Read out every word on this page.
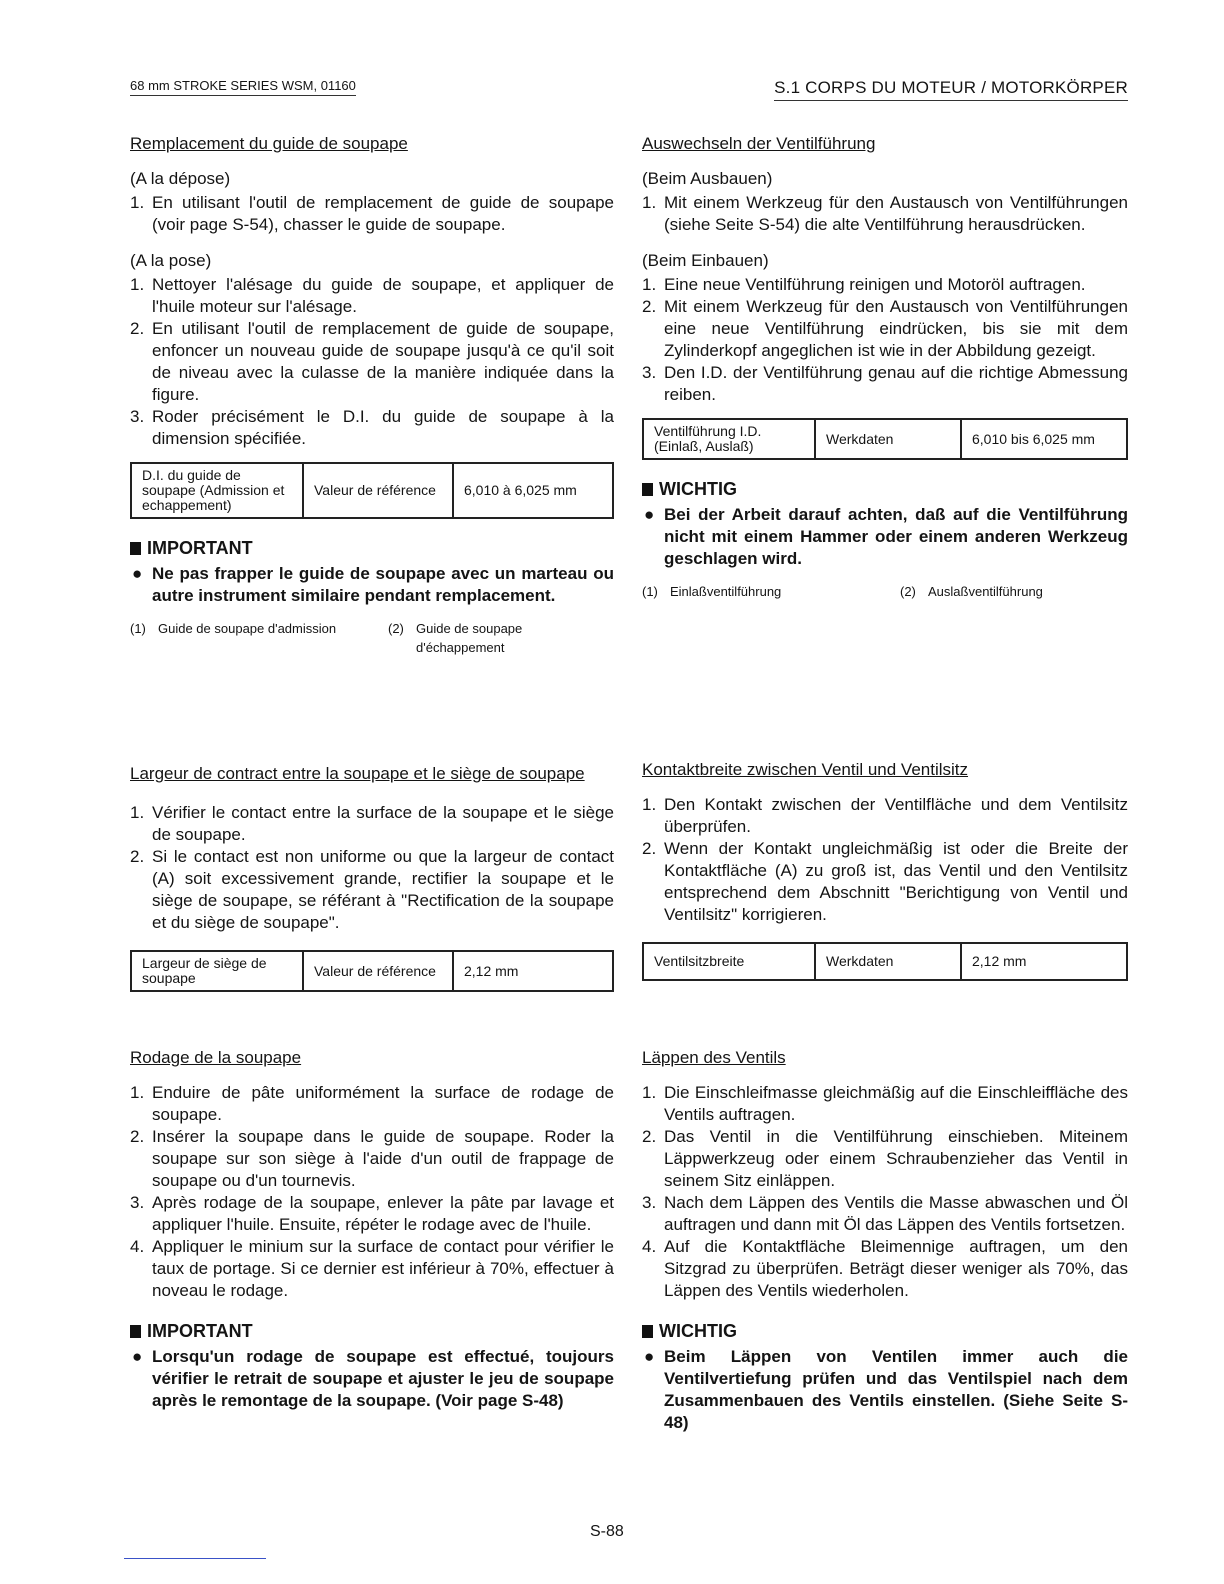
68 mm STROKE SERIES WSM, 01160	S.1 CORPS DU MOTEUR / MOTORKÖRPER
Remplacement du guide de soupape
(A la dépose)
1. En utilisant l'outil de remplacement de guide de soupape (voir page S-54), chasser le guide de soupape.
(A la pose)
1. Nettoyer l'alésage du guide de soupape, et appliquer de l'huile moteur sur l'alésage.
2. En utilisant l'outil de remplacement de guide de soupape, enfoncer un nouveau guide de soupape jusqu'à ce qu'il soit de niveau avec la culasse de la manière indiquée dans la figure.
3. Roder précisément le D.I. du guide de soupape à la dimension spécifiée.
D.I. du guide de soupape (Admission et echappement)	Valeur de référence	6,010 à 6,025 mm
IMPORTANT
● Ne pas frapper le guide de soupape avec un marteau ou autre instrument similaire pendant remplacement.
(1) Guide de soupape d'admission	(2) Guide de soupape d'échappement
Largeur de contract entre la soupape et le siège de soupape
1. Vérifier le contact entre la surface de la soupape et le siège de soupape.
2. Si le contact est non uniforme ou que la largeur de contact (A) soit excessivement grande, rectifier la soupape et le siège de soupape, se référant à "Rectification de la soupape et du siège de soupape".
Largeur de siège de soupape	Valeur de référence	2,12 mm
Rodage de la soupape
1. Enduire de pâte uniformément la surface de rodage de soupape.
2. Insérer la soupape dans le guide de soupape. Roder la soupape sur son siège à l'aide d'un outil de frappage de soupape ou d'un tournevis.
3. Après rodage de la soupape, enlever la pâte par lavage et appliquer l'huile. Ensuite, répéter le rodage avec de l'huile.
4. Appliquer le minium sur la surface de contact pour vérifier le taux de portage. Si ce dernier est inférieur à 70%, effectuer à noveau le rodage.
IMPORTANT
● Lorsqu'un rodage de soupape est effectué, toujours vérifier le retrait de soupape et ajuster le jeu de soupape après le remontage de la soupape. (Voir page S-48)
Auswechseln der Ventilführung
(Beim Ausbauen)
1. Mit einem Werkzeug für den Austausch von Ventilführungen (siehe Seite S-54) die alte Ventilführung herausdrücken.
(Beim Einbauen)
1. Eine neue Ventilführung reinigen und Motoröl auftragen.
2. Mit einem Werkzeug für den Austausch von Ventilführungen eine neue Ventilführung eindrücken, bis sie mit dem Zylinderkopf angeglichen ist wie in der Abbildung gezeigt.
3. Den I.D. der Ventilführung genau auf die richtige Abmessung reiben.
Ventilführung I.D. (Einlaß, Auslaß)	Werkdaten	6,010 bis 6,025 mm
WICHTIG
● Bei der Arbeit darauf achten, daß auf die Ventilführung nicht mit einem Hammer oder einem anderen Werkzeug geschlagen wird.
(1) Einlaßventilführung	(2) Auslaßventilführung
Kontaktbreite zwischen Ventil und Ventilsitz
1. Den Kontakt zwischen der Ventilfläche und dem Ventilsitz überprüfen.
2. Wenn der Kontakt ungleichmäßig ist oder die Breite der Kontaktfläche (A) zu groß ist, das Ventil und den Ventilsitz entsprechend dem Abschnitt "Berichtigung von Ventil und Ventilsitz" korrigieren.
Ventilsitzbreite	Werkdaten	2,12 mm
Läppen des Ventils
1. Die Einschleifmasse gleichmäßig auf die Einschleiffläche des Ventils auftragen.
2. Das Ventil in die Ventilführung einschieben. Miteinem Läppwerkzeug oder einem Schraubenzieher das Ventil in seinem Sitz einläppen.
3. Nach dem Läppen des Ventils die Masse abwaschen und Öl auftragen und dann mit Öl das Läppen des Ventils fortsetzen.
4. Auf die Kontaktfläche Bleimennige auftragen, um den Sitzgrad zu überprüfen. Beträgt dieser weniger als 70%, das Läppen des Ventils wiederholen.
WICHTIG
● Beim Läppen von Ventilen immer auch die Ventilvertiefung prüfen und das Ventilspiel nach dem Zusammenbauen des Ventils einstellen. (Siehe Seite S-48)
S-88
